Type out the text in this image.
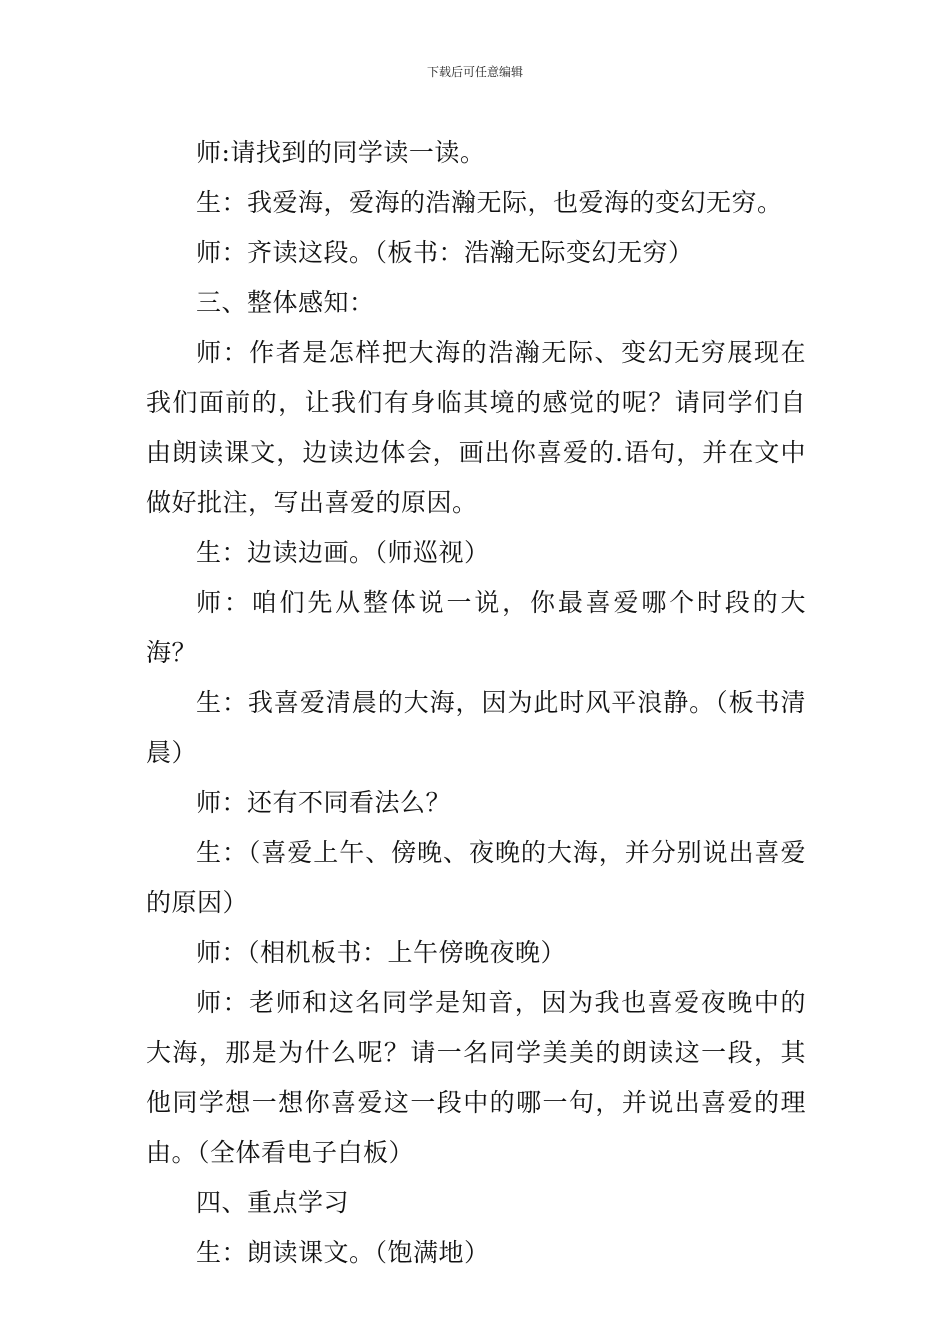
下载后可任意编辑

师:请找到的同学读一读。

生：我爱海，爱海的浩瀚无际，也爱海的变幻无穷。

师：齐读这段。（板书：浩瀚无际变幻无穷）

三、整体感知：

师：作者是怎样把大海的浩瀚无际、变幻无穷展现在我们面前的，让我们有身临其境的感觉的呢？请同学们自由朗读课文，边读边体会，画出你喜爱的.语句，并在文中做好批注，写出喜爱的原因。

生：边读边画。（师巡视）

师：咱们先从整体说一说，你最喜爱哪个时段的大海？

生：我喜爱清晨的大海，因为此时风平浪静。（板书清晨）

师：还有不同看法么？

生：（喜爱上午、傍晚、夜晚的大海，并分别说出喜爱的原因）

师：（相机板书：上午傍晚夜晚）

师：老师和这名同学是知音，因为我也喜爱夜晚中的大海，那是为什么呢？请一名同学美美的朗读这一段，其他同学想一想你喜爱这一段中的哪一句，并说出喜爱的理由。（全体看电子白板）

四、重点学习

生：朗读课文。（饱满地）
